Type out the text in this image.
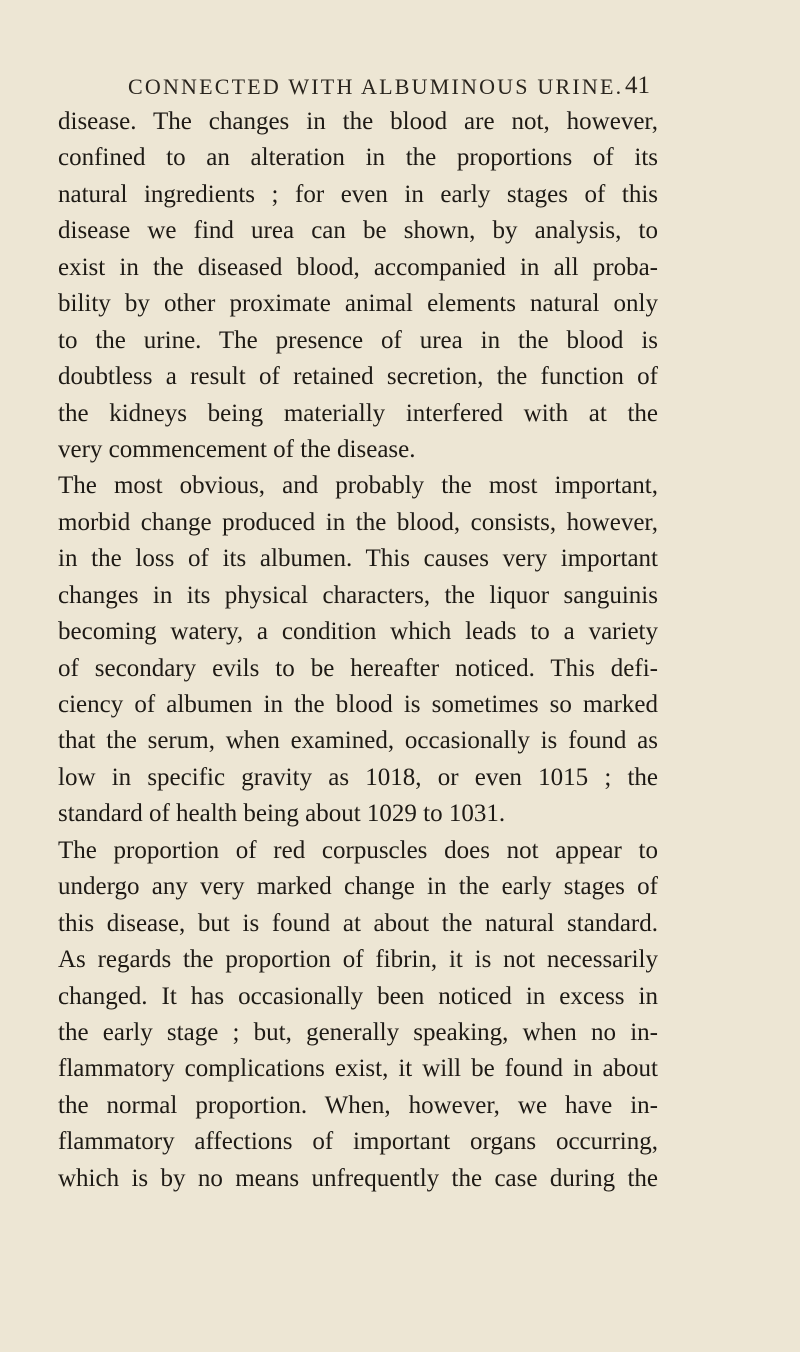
CONNECTED WITH ALBUMINOUS URINE. 41
disease. The changes in the blood are not, however,
confined to an alteration in the proportions of its
natural ingredients ; for even in early stages of this
disease we find urea can be shown, by analysis, to
exist in the diseased blood, accompanied in all proba-
bility by other proximate animal elements natural only
to the urine. The presence of urea in the blood is
doubtless a result of retained secretion, the function of
the kidneys being materially interfered with at the
very commencement of the disease.
The most obvious, and probably the most important,
morbid change produced in the blood, consists, however,
in the loss of its albumen. This causes very important
changes in its physical characters, the liquor sanguinis
becoming watery, a condition which leads to a variety
of secondary evils to be hereafter noticed. This defi-
ciency of albumen in the blood is sometimes so marked
that the serum, when examined, occasionally is found as
low in specific gravity as 1018, or even 1015 ; the
standard of health being about 1029 to 1031.
The proportion of red corpuscles does not appear to
undergo any very marked change in the early stages of
this disease, but is found at about the natural standard.
As regards the proportion of fibrin, it is not necessarily
changed. It has occasionally been noticed in excess in
the early stage ; but, generally speaking, when no in-
flammatory complications exist, it will be found in about
the normal proportion. When, however, we have in-
flammatory affections of important organs occurring,
which is by no means unfrequently the case during the
